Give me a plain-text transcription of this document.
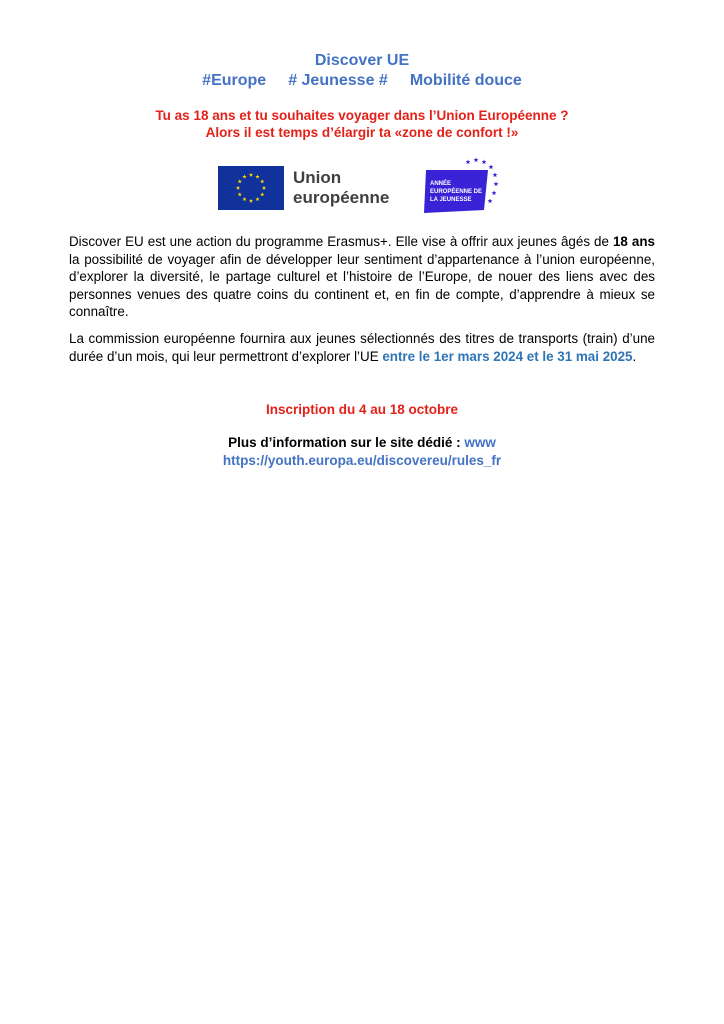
Discover UE
#Europe # Jeunesse # Mobilité douce
Tu as 18 ans et tu souhaites voyager dans l’Union Européenne ?
Alors il est temps d’élargir ta «zone de confort !»
Union
européenne
ANNÉE
EUROPÉENNE DE
LA JEUNESSE
Discover EU est une action du programme Erasmus+. Elle vise à offrir aux jeunes âgés de 18 ans la possibilité de voyager afin de développer leur sentiment d’appartenance à l’union européenne, d’explorer la diversité, le partage culturel et l’histoire de l’Europe, de nouer des liens avec des personnes venues des quatre coins du continent et, en fin de compte, d’apprendre à mieux se connaître.
La commission européenne fournira aux jeunes sélectionnés des titres de transports (train) d’une durée d’un mois, qui leur permettront d’explorer l’UE entre le 1er mars 2024 et le 31 mai 2025.
Inscription du 4 au 18 octobre
Plus d’information sur le site dédié : www
https://youth.europa.eu/discovereu/rules_fr
